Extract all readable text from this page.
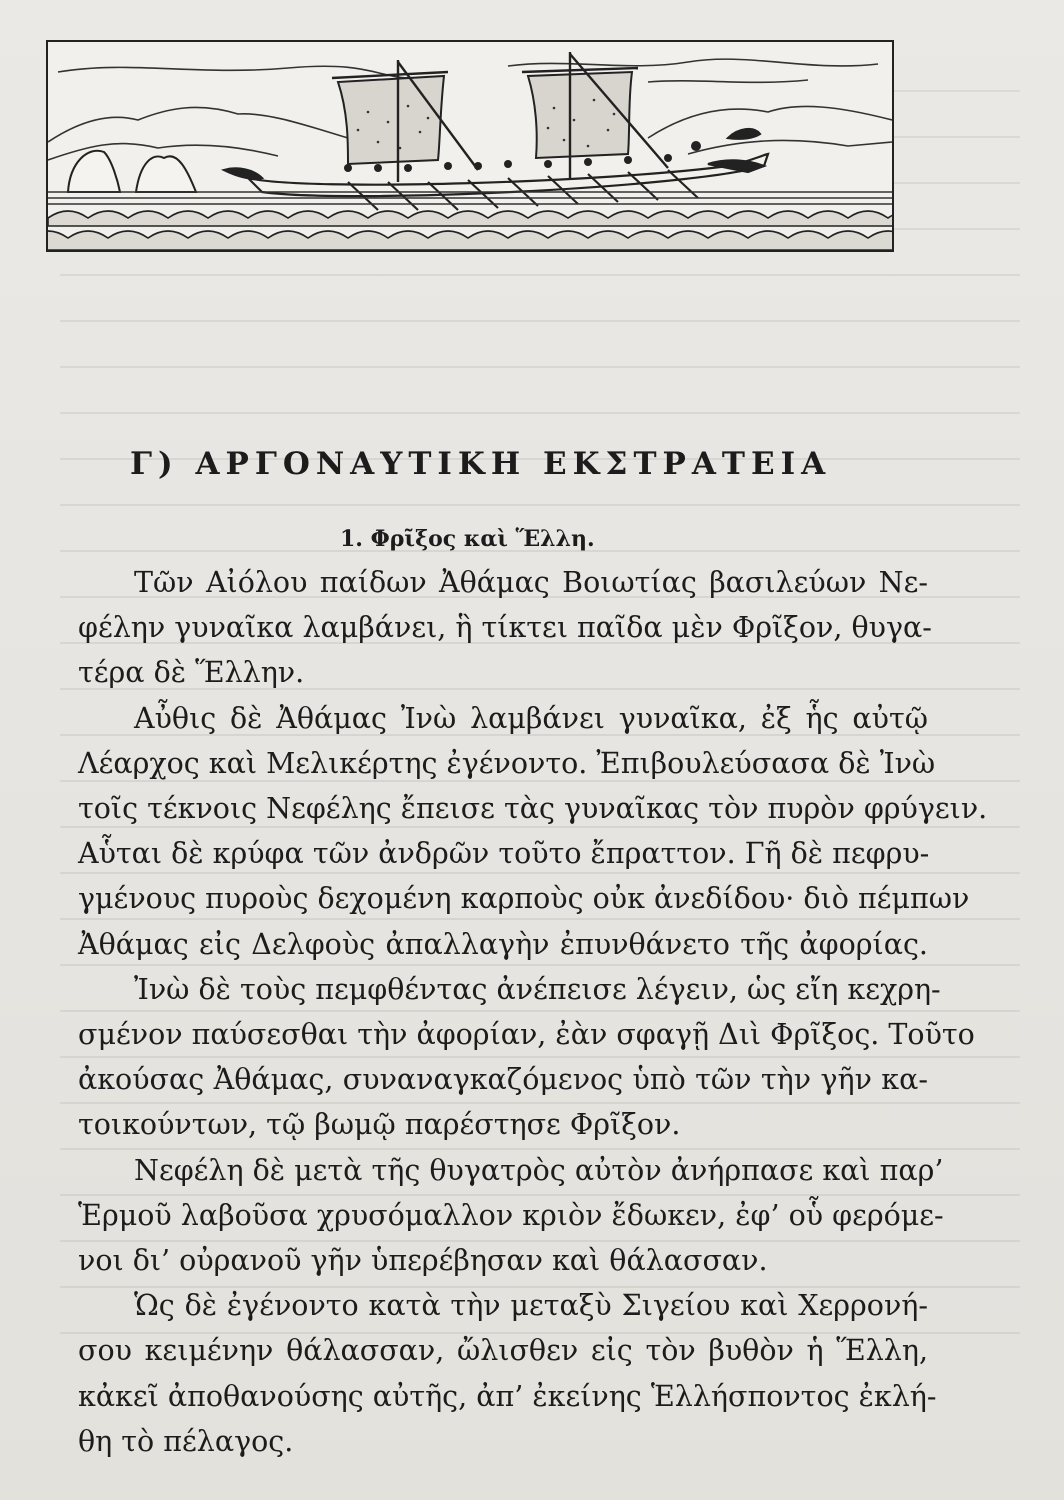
Γ) ΑΡΓΟΝΑΥΤΙΚΗ ΕΚΣΤΡΑΤΕΙΑ
1. Φρῖξος καὶ Ἕλλη.
Τῶν Αἰόλου παίδων Ἀθάμας Βοιωτίας βασιλεύων Νε-
φέλην γυναῖκα λαμβάνει, ἣ τίκτει παῖδα μὲν Φρῖξον, θυγα-
τέρα δὲ Ἕλλην.
Αὖθις δὲ Ἀθάμας Ἰνὼ λαμβάνει γυναῖκα, ἐξ ἧς αὐτῷ
Λέαρχος καὶ Μελικέρτης ἐγένοντο. Ἐπιβουλεύσασα δὲ Ἰνὼ
τοῖς τέκνοις Νεφέλης ἔπεισε τὰς γυναῖκας τὸν πυρὸν φρύγειν.
Αὗται δὲ κρύφα τῶν ἀνδρῶν τοῦτο ἔπραττον. Γῆ δὲ πεφρυ-
γμένους πυροὺς δεχομένη καρποὺς οὐκ ἀνεδίδου· διὸ πέμπων
Ἀθάμας εἰς Δελφοὺς ἀπαλλαγὴν ἐπυνθάνετο τῆς ἀφορίας.
Ἰνὼ δὲ τοὺς πεμφθέντας ἀνέπεισε λέγειν, ὡς εἴη κεχρη-
σμένον παύσεσθαι τὴν ἀφορίαν, ἐὰν σφαγῇ Διὶ Φρῖξος. Τοῦτο
ἀκούσας Ἀθάμας, συναναγκαζόμενος ὑπὸ τῶν τὴν γῆν κα-
τοικούντων, τῷ βωμῷ παρέστησε Φρῖξον.
Νεφέλη δὲ μετὰ τῆς θυγατρὸς αὐτὸν ἀνήρπασε καὶ παρ’
Ἑρμοῦ λαβοῦσα χρυσόμαλλον κριὸν ἔδωκεν, ἐφ’ οὗ φερόμε-
νοι δι’ οὐρανοῦ γῆν ὑπερέβησαν καὶ θάλασσαν.
Ὡς δὲ ἐγένοντο κατὰ τὴν μεταξὺ Σιγείου καὶ Χερρονή-
σου κειμένην θάλασσαν, ὤλισθεν εἰς τὸν βυθὸν ἡ Ἕλλη,
κἀκεῖ ἀποθανούσης αὐτῆς, ἀπ’ ἐκείνης Ἑλλήσποντος ἐκλή-
θη τὸ πέλαγος.
